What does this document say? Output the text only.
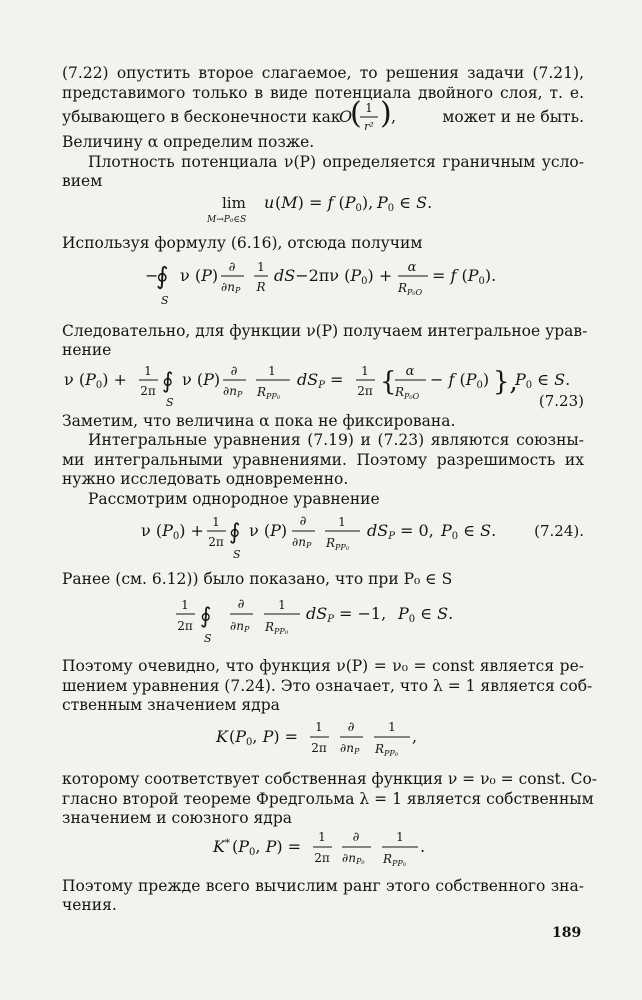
(7.22) опустить второе слагаемое, то решения задачи (7.21),

представимого только в виде потенциала двойного слоя, т. е.

убывающего в бесконечности как

O
( 1
r² ) ,	может и не быть.

Величину α определим позже.

Плотность потенциала ν(P) определяется граничным усло-

вием

lim
M→P₀∈S
u (M) = f (P0), P0 ∈ S.

Используя формулу (6.16), отсюда получим

−
∮
S
ν (P) ∂
∂nP
1
R
dS−2πν (P0) + α
$R_{P_0O}$
= f (P0).

Следовательно, для функции ν(P) получаем интегральное урав-

нение

ν (P0) + 1
2π ∮
S
ν (P) ∂
∂nP
1
$R_{PP_0}$
dSP = 1
2π { α
$R_{P_0O}$
− f (P0) },
P0 ∈ S.
(7.23)

Заметим, что величина α пока не фиксирована.

Интегральные уравнения (7.19) и (7.23) являются союзны-

ми интегральными уравнениями. Поэтому разрешимость их

нужно исследовать одновременно.

Рассмотрим однородное уравнение

ν (P0) + 1
2π ∮
S
ν (P) ∂
∂nP
1
$R_{PP_0}$
dSP = 0, P0 ∈ S.	(7.24).

Ранее (см. 6.12)) было показано, что при P₀ ∈ S

1
2π ∮
S
∂
∂nP
1
$R_{PP_0}$
dSP = −1, P0 ∈ S.

Поэтому очевидно, что функция ν(P) = ν₀ = const является ре-

шением уравнения (7.24). Это означает, что λ = 1 является соб-

ственным значением ядра

K (P0, P) = 1
2π
∂
∂nP
1
$R_{PP_0}$
,

которому соответствует собственная функция ν = ν₀ = const. Со-

гласно второй теореме Фредгольма λ = 1 является собственным

значением и союзного ядра

K* (P0, P) = 1
2π
∂
∂nP₀
1
$R_{PP_0}$
.

Поэтому прежде всего вычислим ранг этого собственного зна-

чения.

189
